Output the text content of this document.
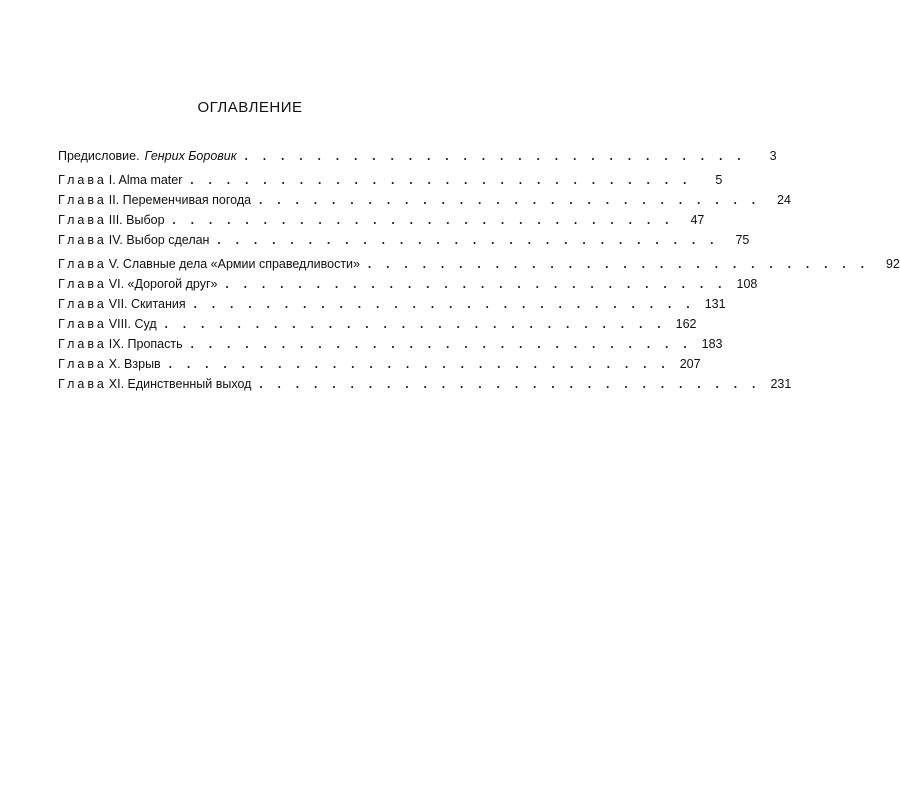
ОГЛАВЛЕНИЕ
Предисловие. Генрих Боровик . . . . . . . . . . . . . . . . . . . . . . . . . . . .	3
Глава I. Alma mater . . . . . . . . . . . . . . . . . . . . . . . . . . . .	5
Глава II. Переменчивая погода . . . . . . . . . . . . . . . . . . . . . . . . . . . .	24
Глава III. Выбор . . . . . . . . . . . . . . . . . . . . . . . . . . . .	47
Глава IV. Выбор сделан . . . . . . . . . . . . . . . . . . . . . . . . . . . .	75
Глава V. Славные дела «Армии справедливости» . . . . . . . . . . . . . . . . . . . . . . . . . . . .	92
Глава VI. «Дорогой друг» . . . . . . . . . . . . . . . . . . . . . . . . . . . . 108
Глава VII. Скитания . . . . . . . . . . . . . . . . . . . . . . . . . . . . 131
Глава VIII. Суд . . . . . . . . . . . . . . . . . . . . . . . . . . . . 162
Глава IX. Пропасть . . . . . . . . . . . . . . . . . . . . . . . . . . . . 183
Глава X. Взрыв . . . . . . . . . . . . . . . . . . . . . . . . . . . . 207
Глава XI. Единственный выход . . . . . . . . . . . . . . . . . . . . . . . . . . . . 231
